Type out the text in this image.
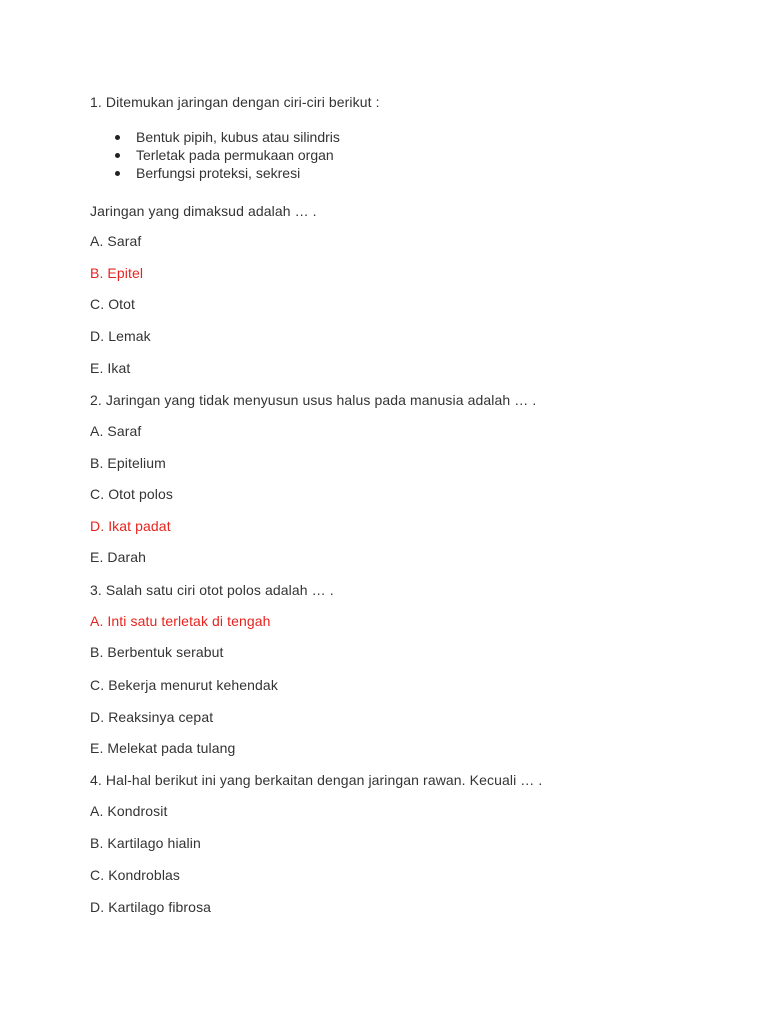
1. Ditemukan jaringan dengan ciri-ciri berikut :
Bentuk pipih, kubus atau silindris
Terletak pada permukaan organ
Berfungsi proteksi, sekresi
Jaringan yang dimaksud adalah … .
A. Saraf
B. Epitel
C. Otot
D. Lemak
E. Ikat
2. Jaringan yang tidak menyusun usus halus pada manusia adalah … .
A. Saraf
B. Epitelium
C. Otot polos
D. Ikat padat
E. Darah
3. Salah satu ciri otot polos adalah … .
A. Inti satu terletak di tengah
B. Berbentuk serabut
C. Bekerja menurut kehendak
D. Reaksinya cepat
E. Melekat pada tulang
4. Hal-hal berikut ini yang berkaitan dengan jaringan rawan. Kecuali … .
A. Kondrosit
B. Kartilago hialin
C. Kondroblas
D. Kartilago fibrosa
